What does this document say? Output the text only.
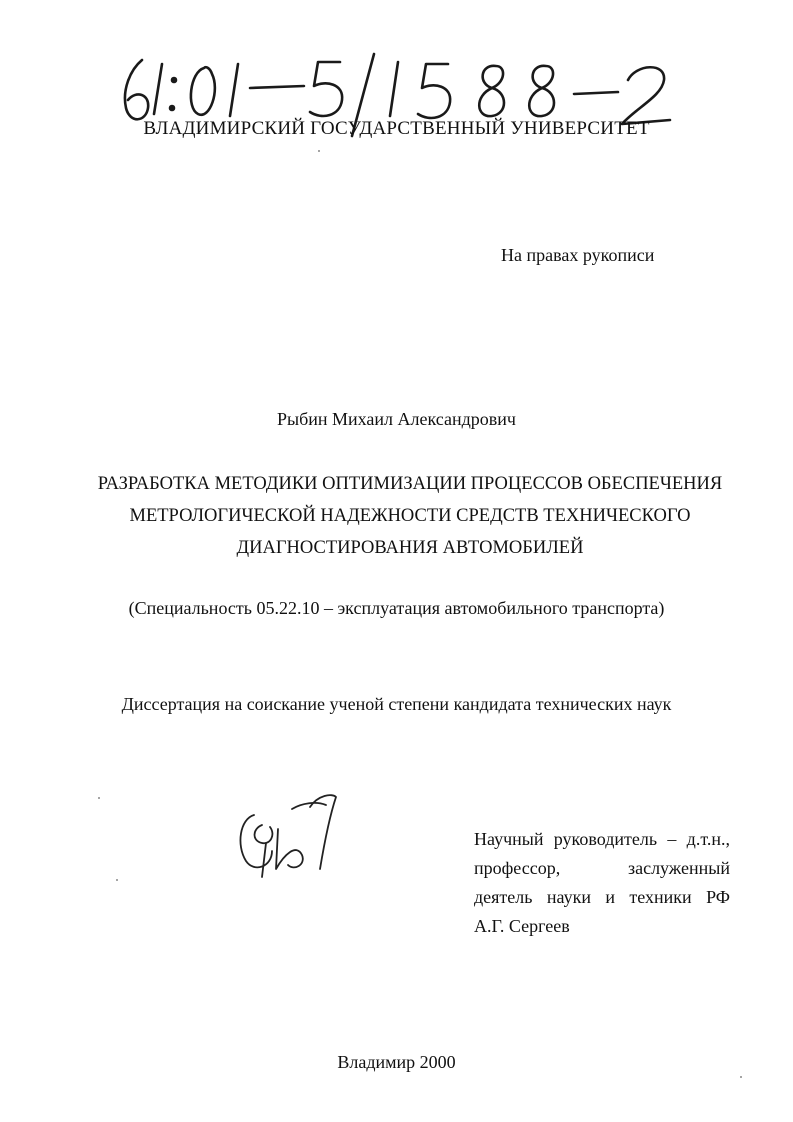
ВЛАДИМИРСКИЙ ГОСУДАРСТВЕННЫЙ УНИВЕРСИТЕТ
На правах рукописи
Рыбин Михаил Александрович
РАЗРАБОТКА МЕТОДИКИ ОПТИМИЗАЦИИ ПРОЦЕССОВ ОБЕСПЕЧЕНИЯ
МЕТРОЛОГИЧЕСКОЙ НАДЕЖНОСТИ СРЕДСТВ ТЕХНИЧЕСКОГО
ДИАГНОСТИРОВАНИЯ АВТОМОБИЛЕЙ
(Специальность 05.22.10 – эксплуатация автомобильного транспорта)
Диссертация на соискание ученой степени кандидата технических наук
Научный руководитель – д.т.н.,
профессор, заслуженный
деятель науки и техники РФ
А.Г. Сергеев
Владимир 2000
